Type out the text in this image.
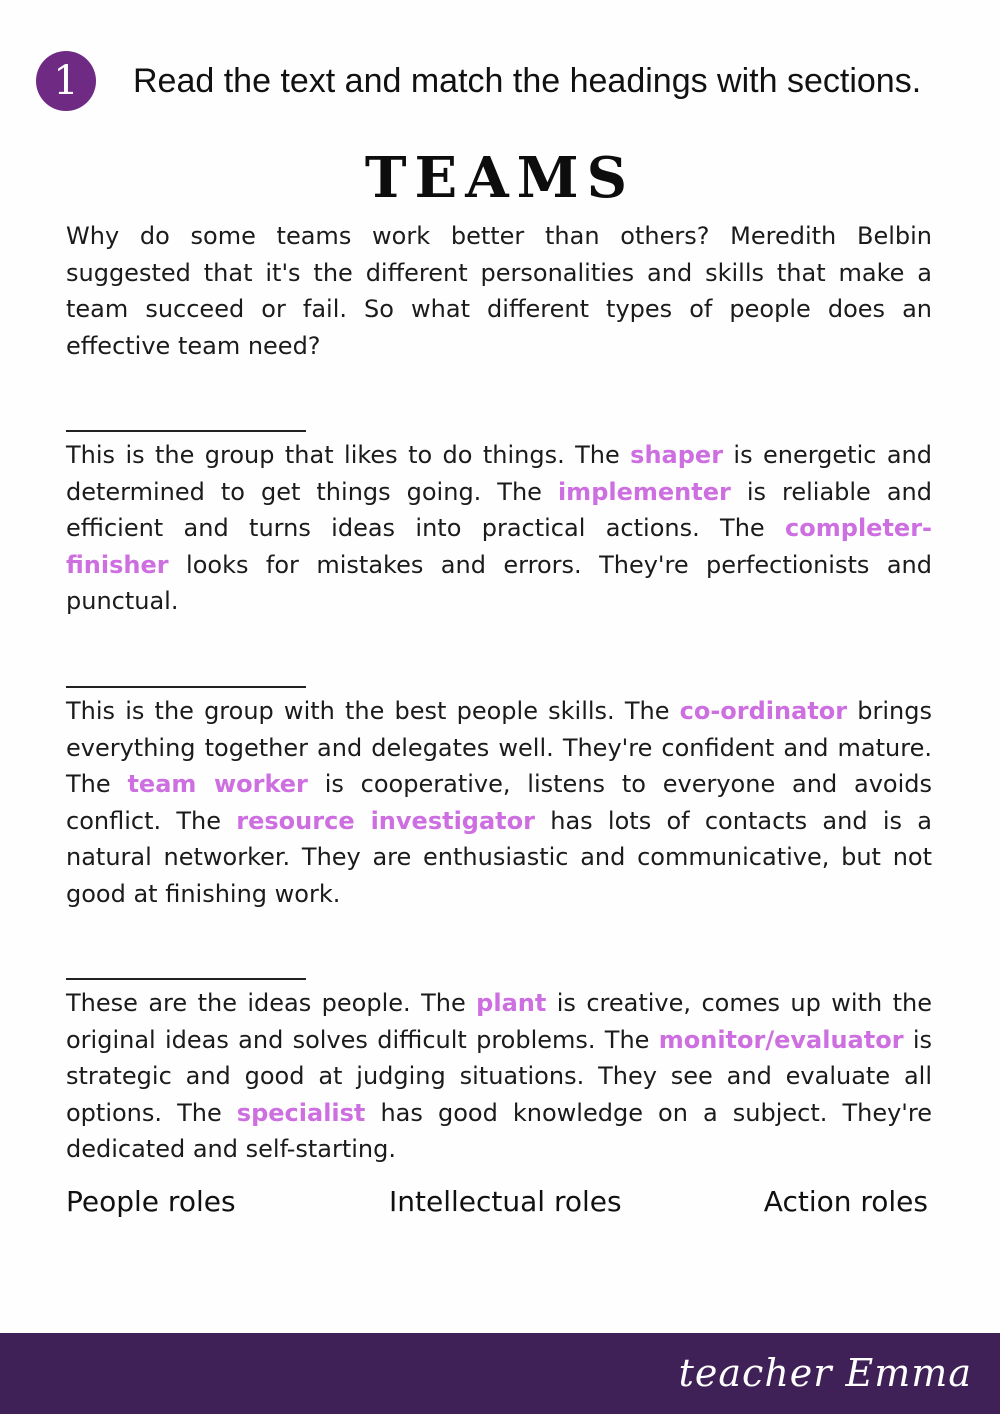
1	Read the text and match the headings with sections.
TEAMS

Why do some teams work better than others? Meredith Belbin suggested that it's the different personalities and skills that make a team succeed or fail. So what different types of people does an effective team need?

This is the group that likes to do things. The shaper is energetic and determined to get things going. The implementer is reliable and efficient and turns ideas into practical actions. The completer-finisher looks for mistakes and errors. They're perfectionists and punctual.

This is the group with the best people skills. The co-ordinator brings everything together and delegates well. They're confident and mature. The team worker is cooperative, listens to everyone and avoids conflict. The resource investigator has lots of contacts and is a natural networker. They are enthusiastic and communicative, but not good at finishing work.

These are the ideas people. The plant is creative, comes up with the original ideas and solves difficult problems. The monitor/evaluator is strategic and good at judging situations. They see and evaluate all options. The specialist has good knowledge on a subject. They're dedicated and self-starting.

People roles	Intellectual roles	Action roles
teacher Emma
